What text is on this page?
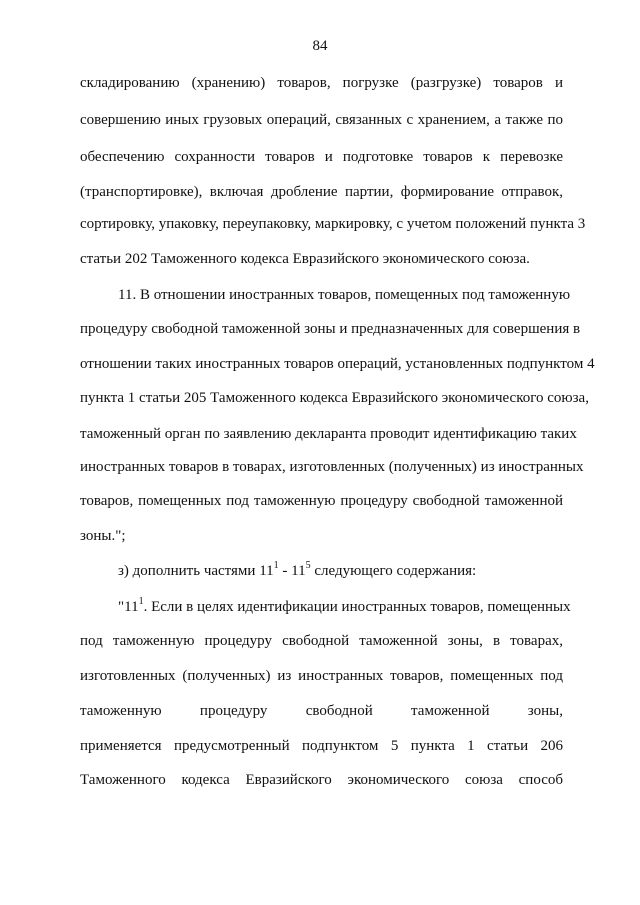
84
складированию (хранению) товаров, погрузке (разгрузке) товаров и
совершению иных грузовых операций, связанных с хранением, а также по
обеспечению сохранности товаров и подготовке товаров к перевозке
(транспортировке), включая дробление партии, формирование отправок,
сортировку, упаковку, переупаковку, маркировку, с учетом положений пункта 3
статьи 202 Таможенного кодекса Евразийского экономического союза.
11. В отношении иностранных товаров, помещенных под таможенную
процедуру свободной таможенной зоны и предназначенных для совершения в
отношении таких иностранных товаров операций, установленных подпунктом 4
пункта 1 статьи 205 Таможенного кодекса Евразийского экономического союза,
таможенный орган по заявлению декларанта проводит идентификацию таких
иностранных товаров в товарах, изготовленных (полученных) из иностранных
товаров, помещенных под таможенную процедуру свободной таможенной
зоны.";
з) дополнить частями $11^1 - 11^5$ следующего содержания:
"$11^1$. Если в целях идентификации иностранных товаров, помещенных
под таможенную процедуру свободной таможенной зоны, в товарах,
изготовленных (полученных) из иностранных товаров, помещенных под
таможенную процедуру свободной таможенной зоны,
применяется предусмотренный подпунктом 5 пункта 1 статьи 206
Таможенного кодекса Евразийского экономического союза способ
